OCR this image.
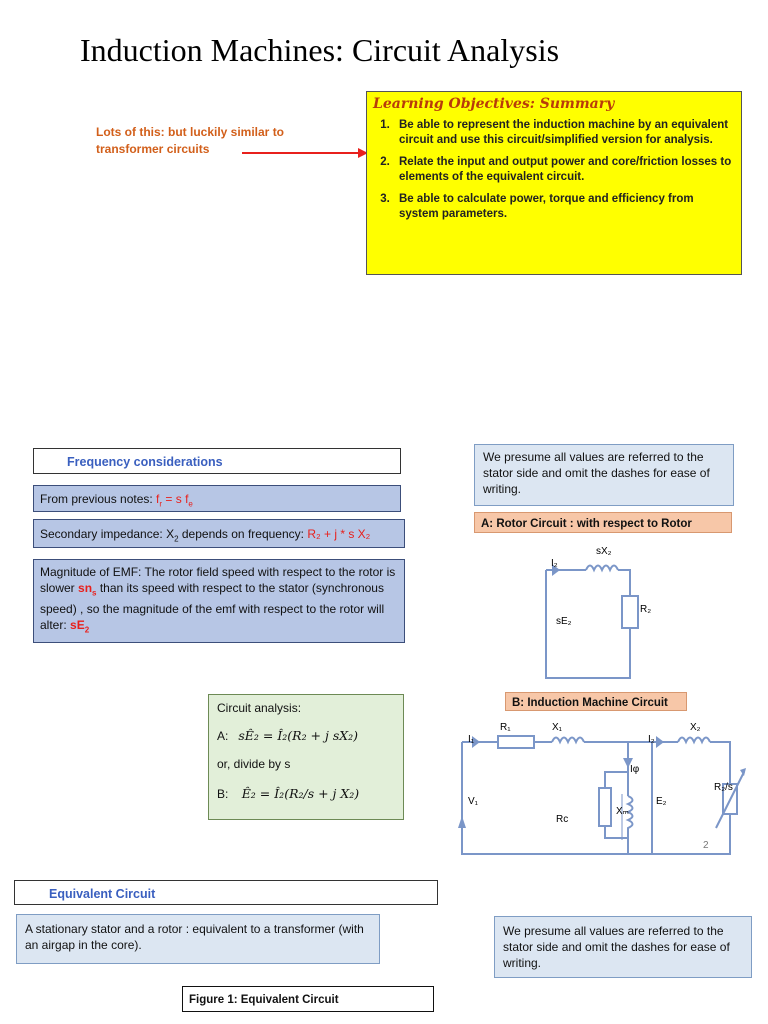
Induction Machines: Circuit Analysis
Lots of this: but luckily similar to transformer circuits
Learning Objectives: Summary
1. Be able to represent the induction machine by an equivalent circuit and use this circuit/simplified version for analysis.
2. Relate the input and output power and core/friction losses to elements of the equivalent circuit.
3. Be able to calculate power, torque and efficiency from system parameters.
Frequency considerations
From previous notes: $f_r = s$ $f_e$
Secondary impedance: $X_2$ depends on frequency: R₂ + j * s X₂
Magnitude of EMF: The rotor field speed with respect to the rotor is slower $sn_s$ than its speed with respect to the stator (synchronous speed) , so the magnitude of the emf with respect to the rotor will alter: $sE_2$
We presume all values are referred to the stator side and omit the dashes for ease of writing.
A: Rotor Circuit : with respect to Rotor
I₂
sX₂
sE₂
R₂
B: Induction Machine Circuit
I₁
R₁	X₁
I₂
X₂
Iφ
V₁
Rᴄ
Xₘ
E₂
R₂/s
2
Circuit analysis:
A: sÊ₂ = Î₂(R₂ + j sX₂)
or, divide by s
B: Ê₂ = Î₂(R₂/s + j X₂)
Equivalent Circuit
A stationary stator and a rotor : equivalent to a transformer (with an airgap in the core).
We presume all values are referred to the stator side and omit the dashes for ease of writing.
Figure 1: Equivalent Circuit
